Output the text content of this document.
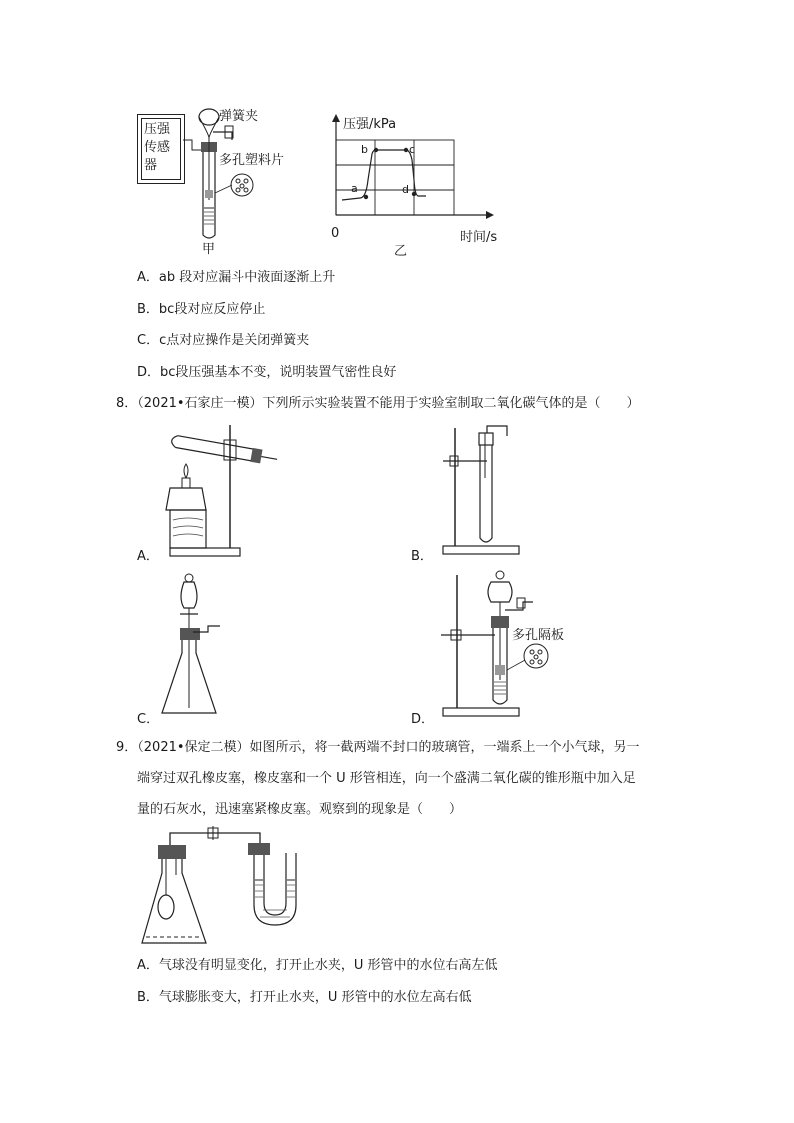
压强
传感
器
弹簧夹
多孔塑料片
甲
压强/kPa
时间/s
0
a
b	c
d
乙
A．ab 段对应漏斗中液面逐渐上升
B．bc段对应反应停止
C．c点对应操作是关闭弹簧夹
D．bc段压强基本不变，说明装置气密性良好
8．（2021•石家庄一模）下列所示实验装置不能用于实验室制取二氧化碳气体的是（　　）
A．	B．
C．
多孔隔板
D．
9．（2021•保定二模）如图所示，将一截两端不封口的玻璃管，一端系上一个小气球，另一
端穿过双孔橡皮塞，橡皮塞和一个 U 形管相连，向一个盛满二氧化碳的锥形瓶中加入足
量的石灰水，迅速塞紧橡皮塞。观察到的现象是（　　）
A．气球没有明显变化，打开止水夹，U 形管中的水位右高左低
B．气球膨胀变大，打开止水夹，U 形管中的水位左高右低
